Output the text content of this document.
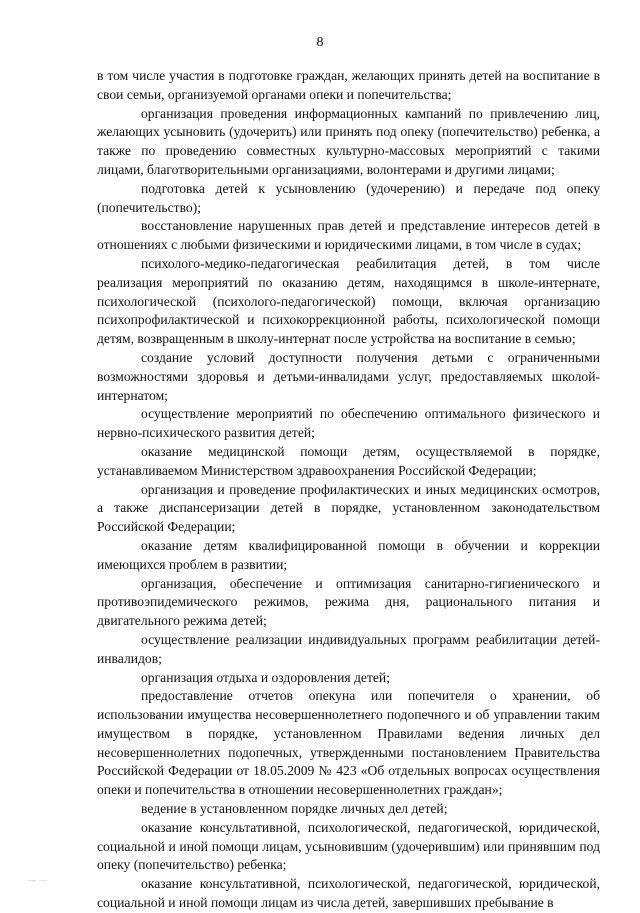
8

в том числе участия в подготовке граждан, желающих принять детей на воспитание в свои семьи, организуемой органами опеки и попечительства;

организация проведения информационных кампаний по привлечению лиц, желающих усыновить (удочерить) или принять под опеку (попечительство) ребенка, а также по проведению совместных культурно-массовых мероприятий с такими лицами, благотворительными организациями, волонтерами и другими лицами;

подготовка детей к усыновлению (удочерению) и передаче под опеку (попечительство);

восстановление нарушенных прав детей и представление интересов детей в отношениях с любыми физическими и юридическими лицами, в том числе в судах;

психолого-медико-педагогическая реабилитация детей, в том числе реализация мероприятий по оказанию детям, находящимся в школе-интернате, психологической (психолого-педагогической) помощи, включая организацию психопрофилактической и психокоррекционной работы, психологической помощи детям, возвращенным в школу-интернат после устройства на воспитание в семью;

создание условий доступности получения детьми с ограниченными возможностями здоровья и детьми-инвалидами услуг, предоставляемых школой-интернатом;

осуществление мероприятий по обеспечению оптимального физического и нервно-психического развития детей;

оказание медицинской помощи детям, осуществляемой в порядке, устанавливаемом Министерством здравоохранения Российской Федерации;

организация и проведение профилактических и иных медицинских осмотров, а также диспансеризации детей в порядке, установленном законодательством Российской Федерации;

оказание детям квалифицированной помощи в обучении и коррекции имеющихся проблем в развитии;

организация, обеспечение и оптимизация санитарно-гигиенического и противоэпидемического режимов, режима дня, рационального питания и двигательного режима детей;

осуществление реализации индивидуальных программ реабилитации детей-инвалидов;

организация отдыха и оздоровления детей;

предоставление отчетов опекуна или попечителя о хранении, об использовании имущества несовершеннолетнего подопечного и об управлении таким имуществом в порядке, установленном Правилами ведения личных дел несовершеннолетних подопечных, утвержденными постановлением Правительства Российской Федерации от 18.05.2009 № 423 «Об отдельных вопросах осуществления опеки и попечительства в отношении несовершеннолетних граждан»;

ведение в установленном порядке личных дел детей;

оказание консультативной, психологической, педагогической, юридической, социальной и иной помощи лицам, усыновившим (удочерившим) или принявшим под опеку (попечительство) ребенка;

оказание консультативной, психологической, педагогической, юридической, социальной и иной помощи лицам из числа детей, завершивших пребывание в

— —
